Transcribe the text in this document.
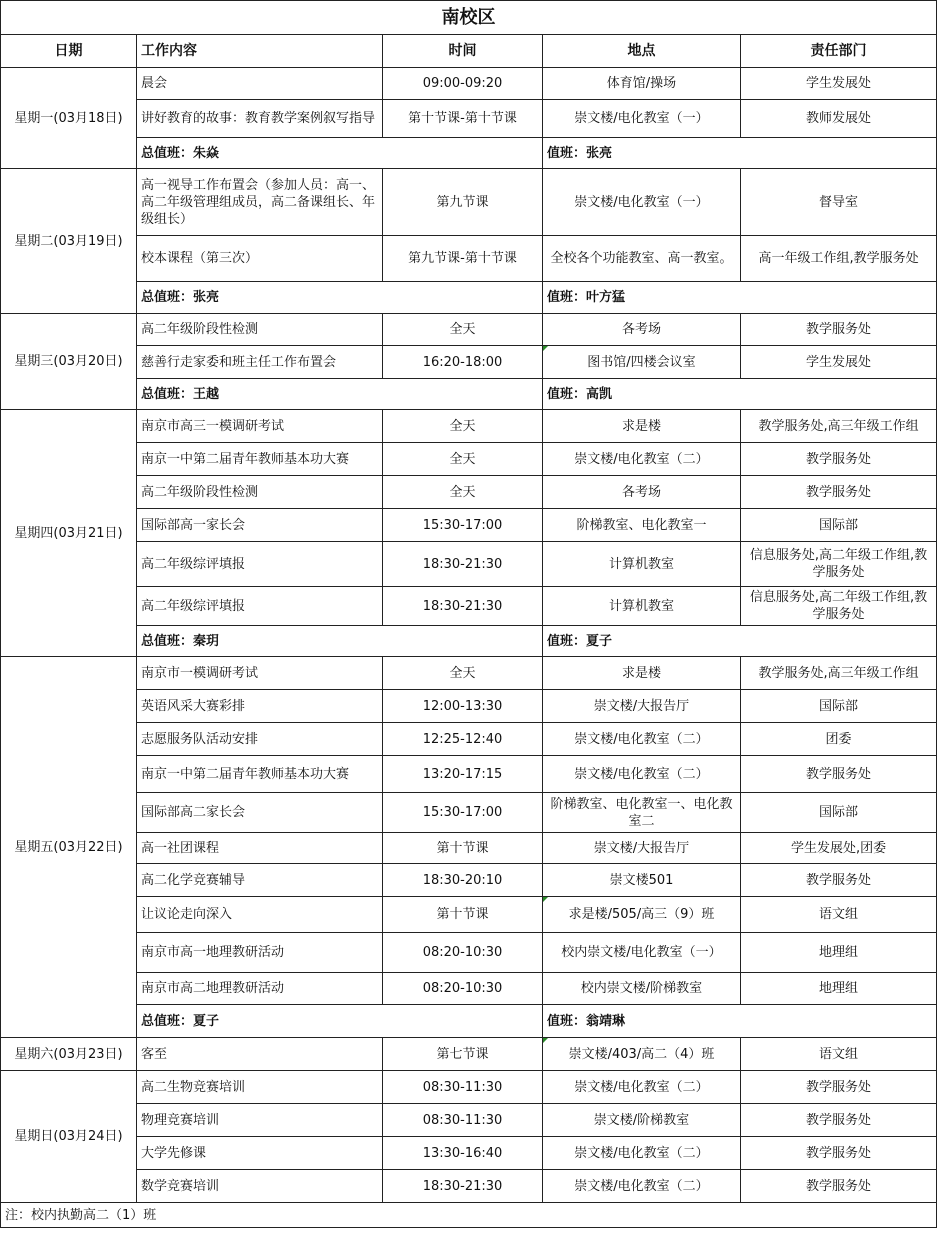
南校区				
日期	工作内容	时间	地点	责任部门
星期一(03月18日)	晨会	09:00-09:20	体育馆/操场	学生发展处
	讲好教育的故事：教育教学案例叙写指导	第十节课-第十节课	崇文楼/电化教室（一）	教师发展处
	总值班：朱焱		值班：张亮	
星期二(03月19日)	高一视导工作布置会（参加人员：高一、高二年级管理组成员，高二备课组长、年级组长）	第九节课	崇文楼/电化教室（一）	督导室
	校本课程（第三次）	第九节课-第十节课	全校各个功能教室、高一教室。	高一年级工作组,教学服务处
	总值班：张亮		值班：叶方猛	
星期三(03月20日)	高二年级阶段性检测	全天	各考场	教学服务处
	慈善行走家委和班主任工作布置会	16:20-18:00	图书馆/四楼会议室	学生发展处
	总值班：王越		值班：高凯	
星期四(03月21日)	南京市高三一模调研考试	全天	求是楼	教学服务处,高三年级工作组
	南京一中第二届青年教师基本功大赛	全天	崇文楼/电化教室（二）	教学服务处
	高二年级阶段性检测	全天	各考场	教学服务处
	国际部高一家长会	15:30-17:00	阶梯教室、电化教室一	国际部
	高二年级综评填报	18:30-21:30	计算机教室	信息服务处,高二年级工作组,教学服务处
	高二年级综评填报	18:30-21:30	计算机教室	信息服务处,高二年级工作组,教学服务处
	总值班：秦玥		值班：夏子	
星期五(03月22日)	南京市一模调研考试	全天	求是楼	教学服务处,高三年级工作组
	英语风采大赛彩排	12:00-13:30	崇文楼/大报告厅	国际部
	志愿服务队活动安排	12:25-12:40	崇文楼/电化教室（二）	团委
	南京一中第二届青年教师基本功大赛	13:20-17:15	崇文楼/电化教室（二）	教学服务处
	国际部高二家长会	15:30-17:00	阶梯教室、电化教室一、电化教室二	国际部
	高一社团课程	第十节课	崇文楼/大报告厅	学生发展处,团委
	高二化学竞赛辅导	18:30-20:10	崇文楼501	教学服务处
	让议论走向深入	第十节课	求是楼/505/高三（9）班	语文组
	南京市高一地理教研活动	08:20-10:30	校内崇文楼/电化教室（一）	地理组
	南京市高二地理教研活动	08:20-10:30	校内崇文楼/阶梯教室	地理组
	总值班：夏子		值班：翁靖琳	
星期六(03月23日)	客至	第七节课	崇文楼/403/高二（4）班	语文组
星期日(03月24日)	高二生物竞赛培训	08:30-11:30	崇文楼/电化教室（二）	教学服务处
	物理竞赛培训	08:30-11:30	崇文楼/阶梯教室	教学服务处
	大学先修课	13:30-16:40	崇文楼/电化教室（二）	教学服务处
	数学竞赛培训	18:30-21:30	崇文楼/电化教室（二）	教学服务处
注：校内执勤高二（1）班				
